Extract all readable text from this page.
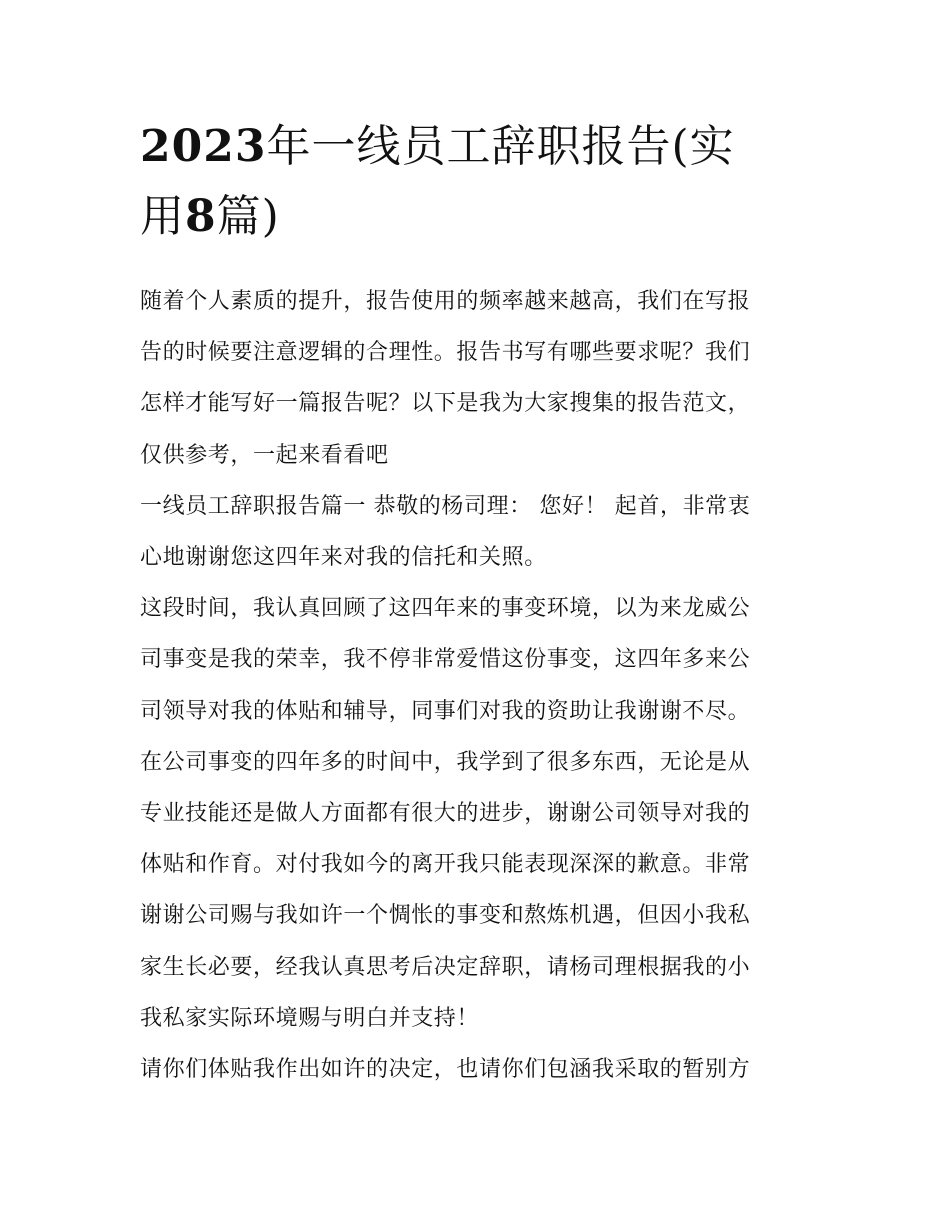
2023年一线员工辞职报告(实
用8篇)

随着个人素质的提升，报告使用的频率越来越高，我们在写报
告的时候要注意逻辑的合理性。报告书写有哪些要求呢？我们
怎样才能写好一篇报告呢？以下是我为大家搜集的报告范文，
仅供参考，一起来看看吧

一线员工辞职报告篇一 恭敬的杨司理： 您好！ 起首，非常衷
心地谢谢您这四年来对我的信托和关照。

这段时间，我认真回顾了这四年来的事变环境，以为来龙威公
司事变是我的荣幸，我不停非常爱惜这份事变，这四年多来公
司领导对我的体贴和辅导，同事们对我的资助让我谢谢不尽。

在公司事变的四年多的时间中，我学到了很多东西，无论是从
专业技能还是做人方面都有很大的进步，谢谢公司领导对我的
体贴和作育。对付我如今的离开我只能表现深深的歉意。非常
谢谢公司赐与我如许一个惆怅的事变和熬炼机遇，但因小我私
家生长必要，经我认真思考后决定辞职，请杨司理根据我的小
我私家实际环境赐与明白并支持！

请你们体贴我作出如许的决定，也请你们包涵我采取的暂别方
